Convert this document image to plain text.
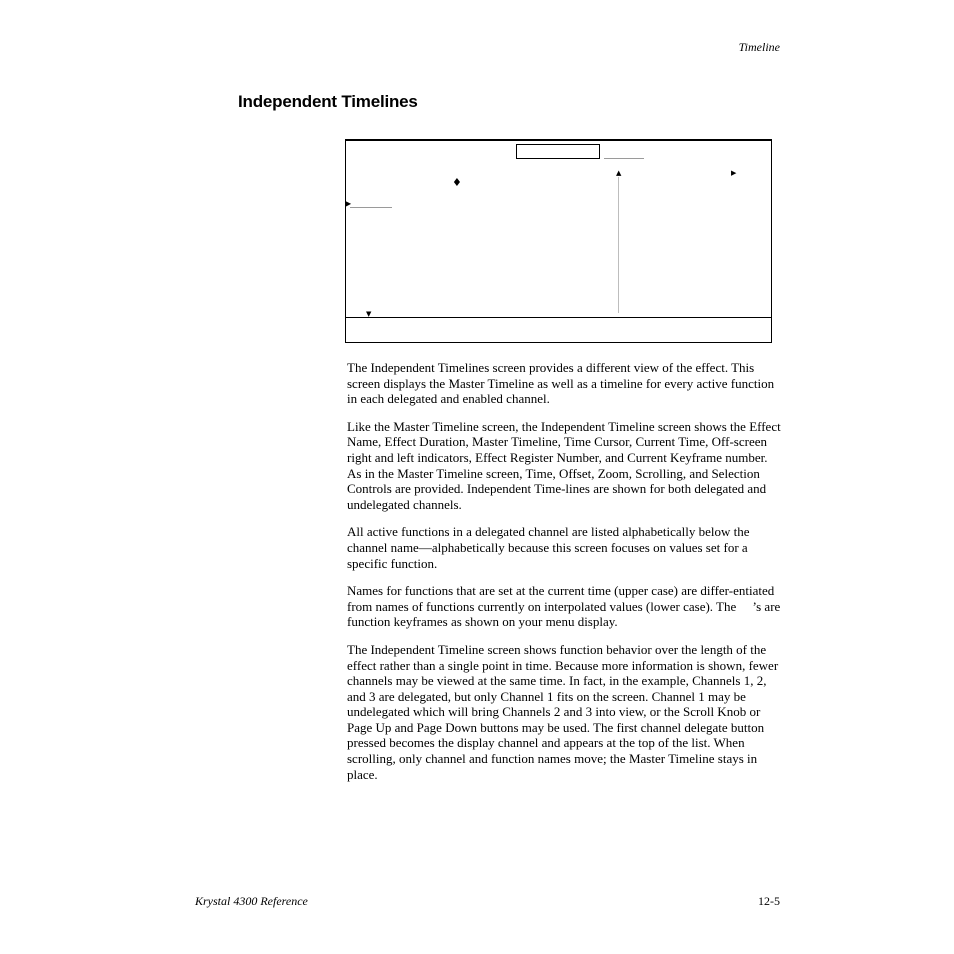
Timeline
Independent Timelines
♦
▲	▶
▶
▼

The Independent Timelines screen provides a different view of the effect. This screen displays the Master Timeline as well as a timeline for every active function in each delegated and enabled channel.

Like the Master Timeline screen, the Independent Timeline screen shows the Effect Name, Effect Duration, Master Timeline, Time Cursor, Current Time, Off-screen right and left indicators, Effect Register Number, and Current Keyframe number. As in the Master Timeline screen, Time, Offset, Zoom, Scrolling, and Selection Controls are provided. Independent Time-lines are shown for both delegated and undelegated channels.

All active functions in a delegated channel are listed alphabetically below the channel name—alphabetically because this screen focuses on values set for a specific function.

Names for functions that are set at the current time (upper case) are differ-entiated from names of functions currently on interpolated values (lower case). The  ’s are function keyframes as shown on your menu display.

The Independent Timeline screen shows function behavior over the length of the effect rather than a single point in time. Because more information is shown, fewer channels may be viewed at the same time. In fact, in the example, Channels 1, 2, and 3 are delegated, but only Channel 1 fits on the screen. Channel 1 may be undelegated which will bring Channels 2 and 3 into view, or the Scroll Knob or Page Up and Page Down buttons may be used. The first channel delegate button pressed becomes the display channel and appears at the top of the list. When scrolling, only channel and function names move; the Master Timeline stays in place.

Krystal 4300 Reference	12-5
